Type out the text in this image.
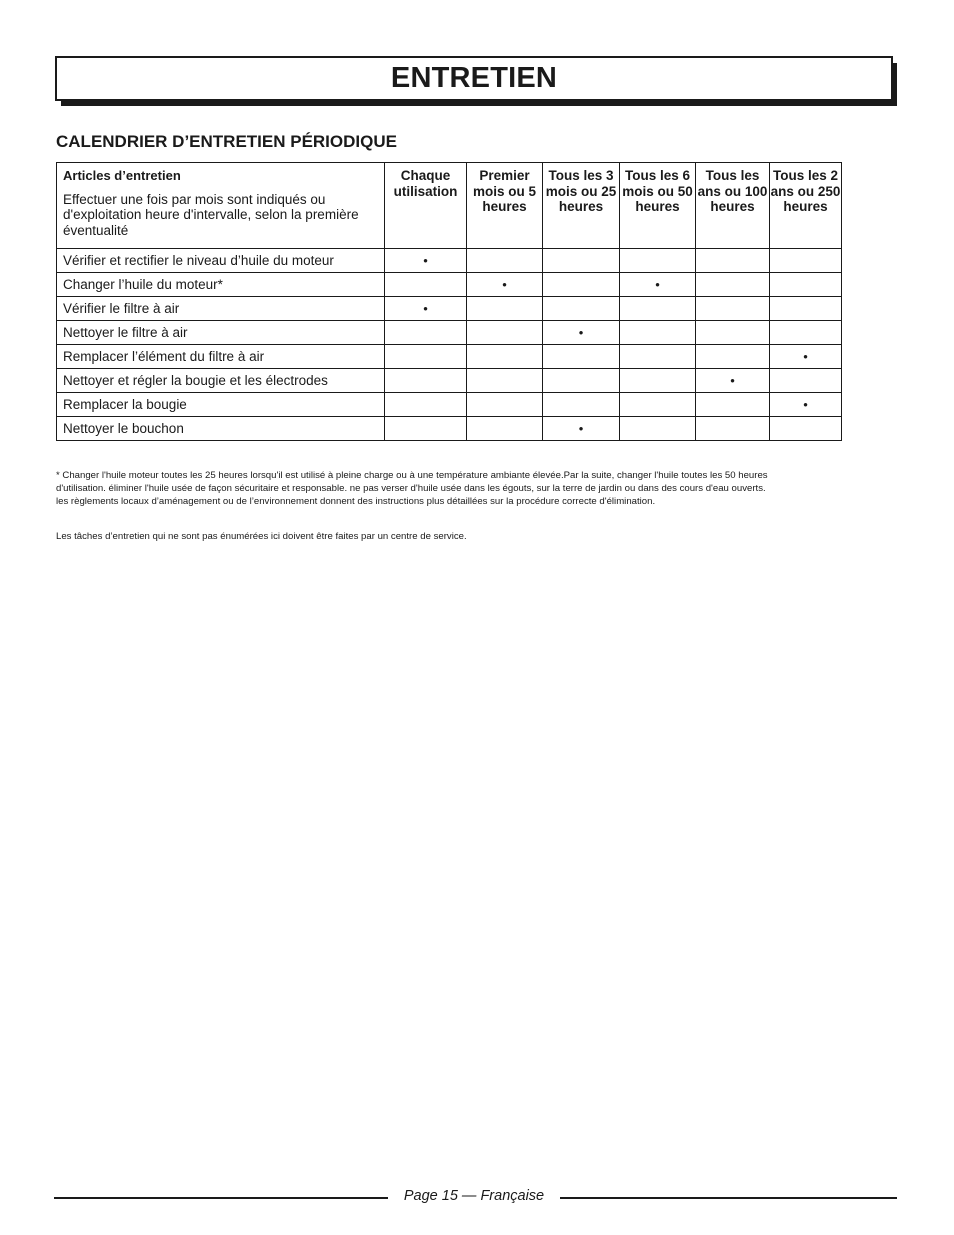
ENTRETIEN
CALENDRIER D’ENTRETIEN PÉRIODIQUE
Articles d’entretien
Effectuer une fois par mois sont indiqués ou d'exploitation heure d'intervalle, selon la première éventualité	Chaque utilisation	Premier mois ou 5 heures	Tous les 3 mois ou 25 heures	Tous les 6 mois ou 50 heures	Tous les ans ou 100 heures	Tous les 2 ans ou 250 heures
Vérifier et rectifier le niveau d’huile du moteur	•					
Changer l’huile du moteur*		•		•		
Vérifier le filtre à air	•					
Nettoyer le filtre à air			•			
Remplacer l’élément du filtre à air						•
Nettoyer et régler la bougie et les électrodes					•	
Remplacer la bougie						•
Nettoyer le bouchon			•			
* Changer l'huile moteur toutes les 25 heures lorsqu'il est utilisé à pleine charge ou à une température ambiante élevée.Par la suite, changer l'huile toutes les 50 heures d'utilisation. éliminer l'huile usée de façon sécuritaire et responsable. ne pas verser d'huile usée dans les égouts, sur la terre de jardin ou dans des cours d'eau ouverts. les règlements locaux d’aménagement ou de l’environnement donnent des instructions plus détaillées sur la procédure correcte d'élimination.
Les tâches d’entretien qui ne sont pas énumérées ici doivent être faites par un centre de service.
Page 15 — Française
